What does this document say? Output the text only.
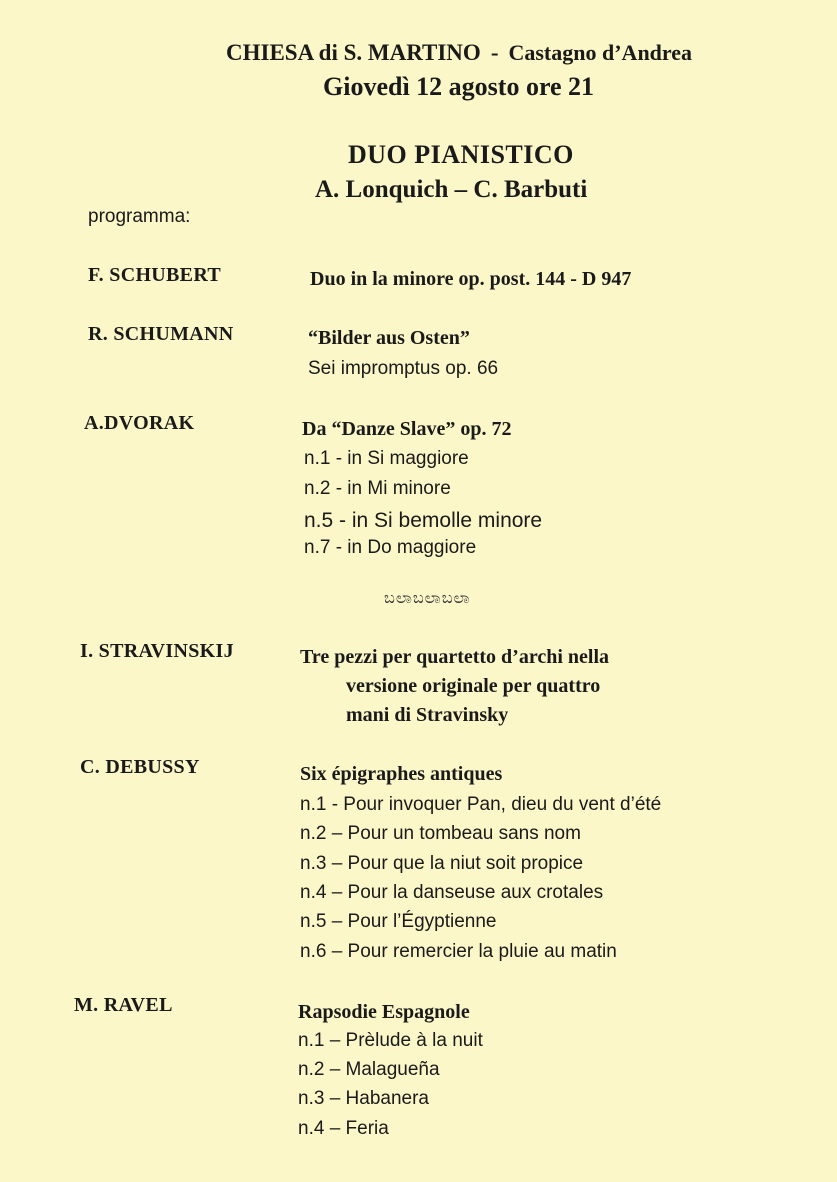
CHIESA di S. MARTINO - Castagno d’Andrea
Giovedì 12 agosto ore 21
DUO PIANISTICO
A. Lonquich – C. Barbuti
programma:
F. SCHUBERT	Duo in la minore op. post. 144 - D 947
R. SCHUMANN	“Bilder aus Osten”
Sei impromptus op. 66
A.DVORAK	Da “Danze Slave” op. 72
n.1 - in Si maggiore
n.2 - in Mi minore
n.5 - in Si bemolle minore
n.7 - in Do maggiore
ಬಲಾಬಲಾಬಲಾ
I. STRAVINSKIJ	Tre pezzi per quartetto d’archi nella
versione originale per quattro
mani di Stravinsky
C. DEBUSSY	Six épigraphes antiques
n.1 - Pour invoquer Pan, dieu du vent d’été
n.2 – Pour un tombeau sans nom
n.3 – Pour que la niut soit propice
n.4 – Pour la danseuse aux crotales
n.5 – Pour l’Égyptienne
n.6 – Pour remercier la pluie au matin
M. RAVEL	Rapsodie Espagnole
n.1 – Prèlude à la nuit
n.2 – Malagueña
n.3 – Habanera
n.4 – Feria
